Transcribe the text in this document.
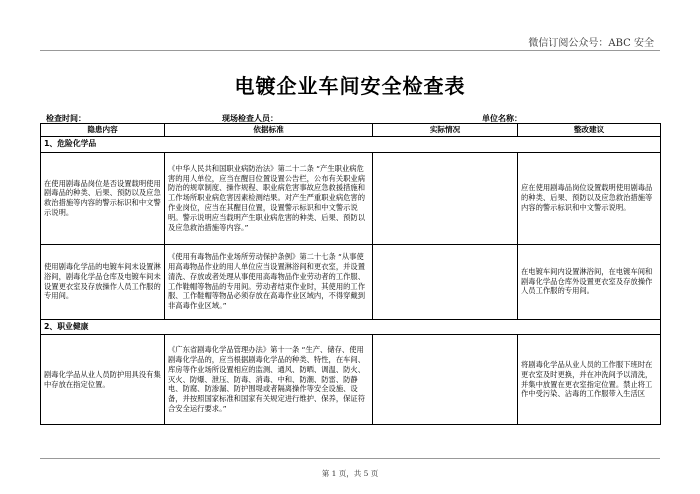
微信订阅公众号：ABC 安全
电镀企业车间安全检查表
检查时间：	现场检查人员：	单位名称：
隐患内容	依据标准	实际情况	整改建议
1、危险化学品			
在使用剧毒品岗位是否设置载明使用剧毒品的种类、后果、预防以及应急救治措施等内容的警示标识和中文警示说明。	《中华人民共和国职业病防治法》第二十二条 “产生职业病危害的用人单位，应当在醒目位置设置公告栏，公布有关职业病防治的规章制度、操作规程、职业病危害事故应急救援措施和工作场所职业病危害因素检测结果。对产生严重职业病危害的作业岗位，应当在其醒目位置，设置警示标识和中文警示说明。警示说明应当载明产生职业病危害的种类、后果、预防以及应急救治措施等内容。”		应在使用剧毒品岗位设置载明使用剧毒品的种类、后果、预防以及应急救治措施等内容的警示标识和中文警示说明。
使用剧毒化学品的电镀车间未设置淋浴间，剧毒化学品仓库及电镀车间未设置更衣室及存放操作人员工作服的专用间。	《使用有毒物品作业场所劳动保护条例》第二十七条 “从事使用高毒物品作业的用人单位应当设置淋浴间和更衣室，并设置清洗、存放或者处理从事使用高毒物品作业劳动者的工作服、工作鞋帽等物品的专用间。劳动者结束作业时，其使用的工作服、工作鞋帽等物品必须存放在高毒作业区域内，不得穿戴到非高毒作业区域。”		在电镀车间内设置淋浴间，在电镀车间和剧毒化学品仓库外设置更衣室及存放操作人员工作服的专用间。
2、职业健康			
剧毒化学品从业人员防护用具没有集中存放在指定位置。	《广东省剧毒化学品管理办法》第十一条 “生产、储存、使用剧毒化学品的，应当根据剧毒化学品的种类、特性，在车间、库房等作业场所设置相应的监测、通风、防晒、调温、防火、灭火、防爆、泄压、防毒、消毒、中和、防潮、防雷、防静电、防腐、防渗漏、防护围堤或者隔离操作等安全设施、设备，并按照国家标准和国家有关规定进行维护、保养，保证符合安全运行要求。”		将剧毒化学品从业人员的工作服下班时在更衣室及时更换，并在冲洗间予以清洗，并集中放置在更衣室指定位置。禁止将工作中受污染、沾毒的工作服带入生活区
第 1 页，共 5 页
